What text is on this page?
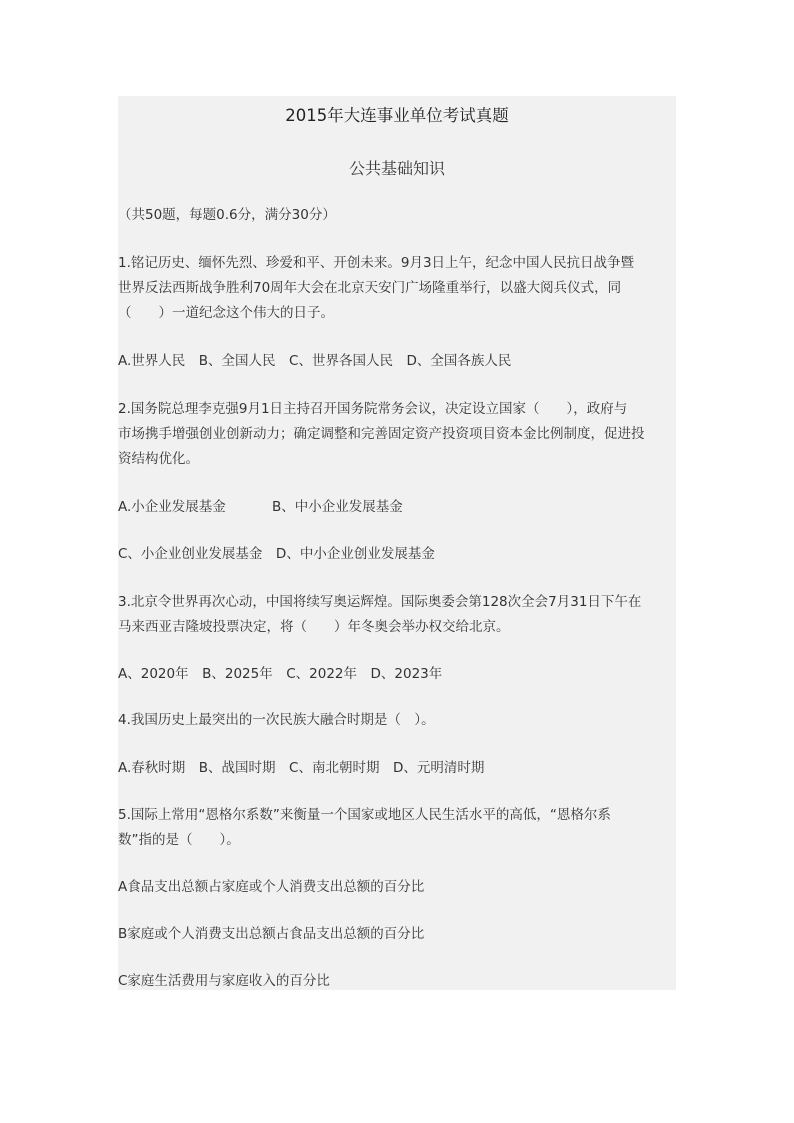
2015年大连事业单位考试真题
公共基础知识
（共50题，每题0.6分，满分30分）
1.铭记历史、缅怀先烈、珍爱和平、开创未来。9月3日上午，纪念中国人民抗日战争暨
世界反法西斯战争胜利70周年大会在北京天安门广场隆重举行，以盛大阅兵仪式，同
（　　）一道纪念这个伟大的日子。
A.世界人民　B、全国人民　C、世界各国人民　D、全国各族人民
2.国务院总理李克强9月1日主持召开国务院常务会议，决定设立国家（　　），政府与
市场携手增强创业创新动力；确定调整和完善固定资产投资项目资本金比例制度，促进投
资结构优化。
A.小企业发展基金	B、中小企业发展基金
C、小企业创业发展基金　D、中小企业创业发展基金
3.北京令世界再次心动，中国将续写奥运辉煌。国际奥委会第128次全会7月31日下午在
马来西亚吉隆坡投票决定，将（　　）年冬奥会举办权交给北京。
A、2020年　B、2025年　C、2022年　D、2023年
4.我国历史上最突出的一次民族大融合时期是（　）。
A.春秋时期　B、战国时期　C、南北朝时期　D、元明清时期
5.国际上常用“恩格尔系数”来衡量一个国家或地区人民生活水平的高低，“恩格尔系
数”指的是（　　）。
A食品支出总额占家庭或个人消费支出总额的百分比
B家庭或个人消费支出总额占食品支出总额的百分比
C家庭生活费用与家庭收入的百分比
